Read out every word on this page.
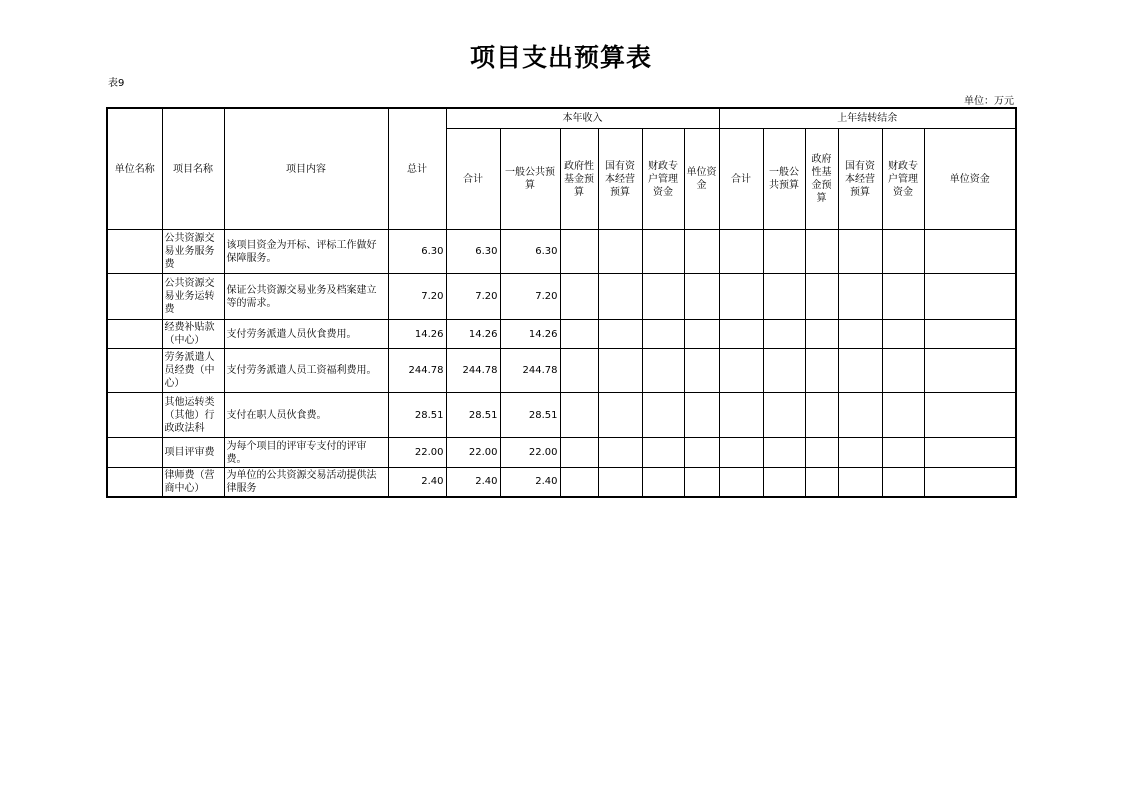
项目支出预算表
表9
单位：万元
单位名称	项目名称	项目内容	总计	本年收入						上年结转结余					
				合计	一般公共预算	政府性基金预算	国有资本经营预算	财政专户管理资金	单位资金	合计	一般公共预算	政府性基金预算	国有资本经营预算	财政专户管理资金	单位资金
	公共资源交易业务服务费	该项目资金为开标、评标工作做好保障服务。	6.30	6.30	6.30										
	公共资源交易业务运转费	保证公共资源交易业务及档案建立等的需求。	7.20	7.20	7.20										
	经费补贴款（中心）	支付劳务派遣人员伙食费用。	14.26	14.26	14.26										
	劳务派遣人员经费（中心）	支付劳务派遣人员工资福利费用。	244.78	244.78	244.78										
	其他运转类（其他）行政政法科	支付在职人员伙食费。	28.51	28.51	28.51										
	项目评审费	为每个项目的评审专支付的评审费。	22.00	22.00	22.00										
	律师费（营商中心）	为单位的公共资源交易活动提供法律服务	2.40	2.40	2.40										
